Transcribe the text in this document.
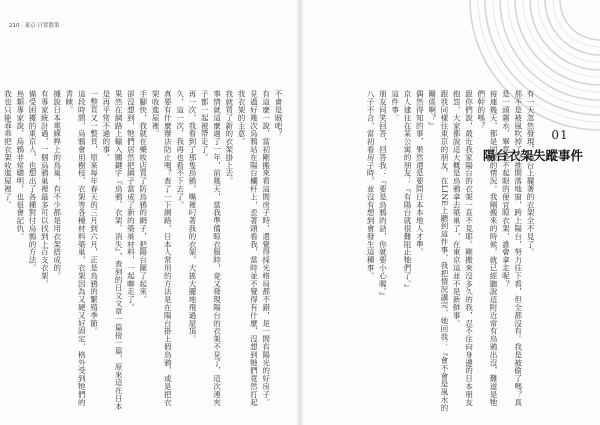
210 ‧ 東京‧日常散策
01
陽台衣架失蹤事件

有一天忽然發現，陽台上擺著的衣架全不見了。

那不是被風吹掉了？推開落地窗，跨上陽台，努力往下看，但全都沒有。我是被偷了嗎？真是一頭霧水，畢竟是不起眼的便宜晾衣架，誰會拿走呢？

接連幾天，都是同樣的情況。我剛搬來的時候，就已經聽說這附近常有烏鴉出沒，難道是牠們幹的嗎？

跟你們說，最近我家陽台的衣架一直不見耶。剛搬來沒多久的我，忍不住向身邊的日本朋友抱怨，大家都說這大概是烏鴉拿去築巢了，在東京這並不是新鮮事。

跟我同樣住東京的朋友，在LINE上聽到這件事，我把情況講完，她回我：『會不會是風水的關係啊？』

偶然得知的事，果然還是要問日本本地人才準。

京人建住在某公寓的朋友：『有陽台就很難阻止牠們了。』

這件事。

朋友同笑回答，回答我：『要是烏鴉的話，你就要小心喔。』

八子不合，當初看房子時，並沒有想到會發生這種事。

不會是賊吧？

有這麼一說，當初剛搬來看這間房子時，還覺得採光格局都不錯，是一間有陽光的好房子。

見過好幾次烏鴉站在陽台欄杆上，歪著頭看我，當時並不覺得有什麼，沒想到牠們竟然打起我衣架的主意。

我就買了新的衣架掛上去。

事情就這麼過了一年，前幾天，當我準備晾衣服時，竟又發現陽台的衣架不見了，這次連夾子都一起被帶走了。

再一次，我看到了那隻烏鴉，嘴裡叼著我的衣架，大搖大擺地飛過屋頂。

久，這一次，我再也看不下去了。

真要有什麼辦法防止嗎？查了一下網路，日本人常用的方法是在陽台掛上假烏鴉，或是把衣架收進屋裡。

手腳快，我就在藥妝店買了防烏鴉的網子，把陽台圍了起來。

卻沒想到，牠們居然把網子當成了新的築巢材料，一起啣走了。

果然在網路上輸入關鍵字『烏鴉、衣架、消失』，查到的日文文章一篇接一篇，原來這在日本是再平常不過的事。

一整頁又一整頁，原來每年春天的三月到六月，正是烏鴉的繁殖季節。

這段時間，烏鴉會用樹枝、衣架等各種材料築巢，衣架因為又硬又好固定，格外受到牠們的青睞。

據說日本電線桿上的鳥巢，有不少都是用衣架搭成的。

有專家統計過，一個烏鴉巢裡最多可以找到上百支衣架。

備受困擾的東京人，也想出了各種對付烏鴉的方法。

鳥類專家說，烏鴉非常聰明，也很會記仇。

我也只能乖乖把衣架收進屋裡了。
